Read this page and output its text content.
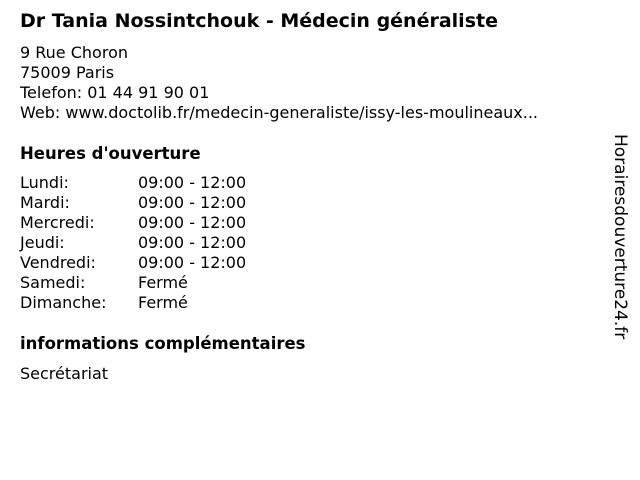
Dr Tania Nossintchouk - Médecin généraliste
9 Rue Choron
75009 Paris
Telefon: 01 44 91 90 01
Web: www.doctolib.fr/medecin-generaliste/issy-les-moulineaux...
Heures d'ouverture
Lundi:	09:00 - 12:00
Mardi:	09:00 - 12:00
Mercredi:	09:00 - 12:00
Jeudi:	09:00 - 12:00
Vendredi:	09:00 - 12:00
Samedi:	Fermé
Dimanche: Fermé
informations complémentaires
Secrétariat
Horairesdouverture24.fr
